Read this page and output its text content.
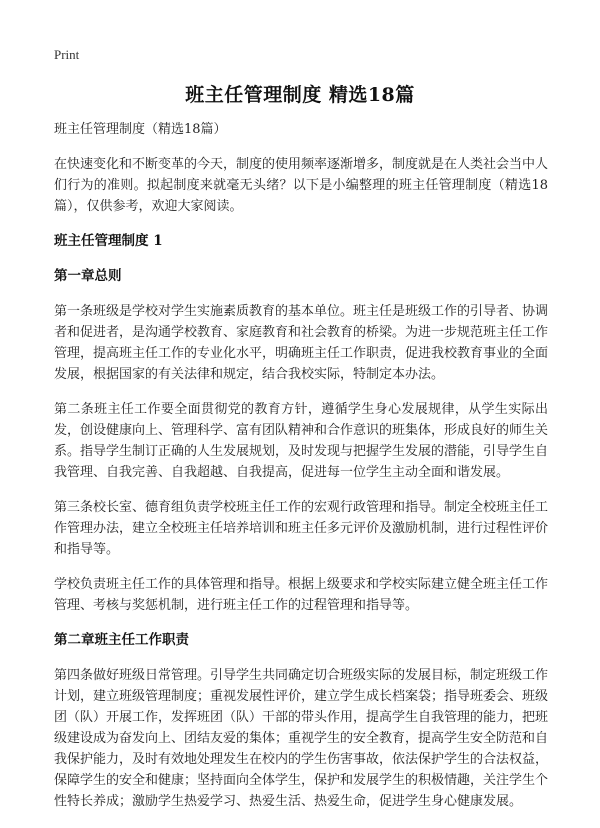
Print
班主任管理制度 精选18篇

班主任管理制度（精选18篇）

在快速变化和不断变革的今天，制度的使用频率逐渐增多，制度就是在人类社会当中人们行为的准则。拟起制度来就毫无头绪？以下是小编整理的班主任管理制度（精选18篇），仅供参考，欢迎大家阅读。

班主任管理制度 1
第一章总则

第一条班级是学校对学生实施素质教育的基本单位。班主任是班级工作的引导者、协调者和促进者，是沟通学校教育、家庭教育和社会教育的桥梁。为进一步规范班主任工作管理，提高班主任工作的专业化水平，明确班主任工作职责，促进我校教育事业的全面发展，根据国家的有关法律和规定，结合我校实际，特制定本办法。

第二条班主任工作要全面贯彻党的教育方针，遵循学生身心发展规律，从学生实际出发，创设健康向上、管理科学、富有团队精神和合作意识的班集体，形成良好的师生关系。指导学生制订正确的人生发展规划，及时发现与把握学生发展的潜能，引导学生自我管理、自我完善、自我超越、自我提高，促进每一位学生主动全面和谐发展。

第三条校长室、德育组负责学校班主任工作的宏观行政管理和指导。制定全校班主任工作管理办法，建立全校班主任培养培训和班主任多元评价及激励机制，进行过程性评价和指导等。

学校负责班主任工作的具体管理和指导。根据上级要求和学校实际建立健全班主任工作管理、考核与奖惩机制，进行班主任工作的过程管理和指导等。

第二章班主任工作职责

第四条做好班级日常管理。引导学生共同确定切合班级实际的发展目标，制定班级工作计划，建立班级管理制度；重视发展性评价，建立学生成长档案袋；指导班委会、班级团（队）开展工作，发挥班团（队）干部的带头作用，提高学生自我管理的能力，把班级建设成为奋发向上、团结友爱的集体；重视学生的安全教育，提高学生安全防范和自我保护能力，及时有效地处理发生在校内的学生伤害事故，依法保护学生的合法权益，保障学生的安全和健康；坚持面向全体学生，保护和发展学生的积极情趣，关注学生个性特长养成；激励学生热爱学习、热爱生活、热爱生命，促进学生身心健康发展。
